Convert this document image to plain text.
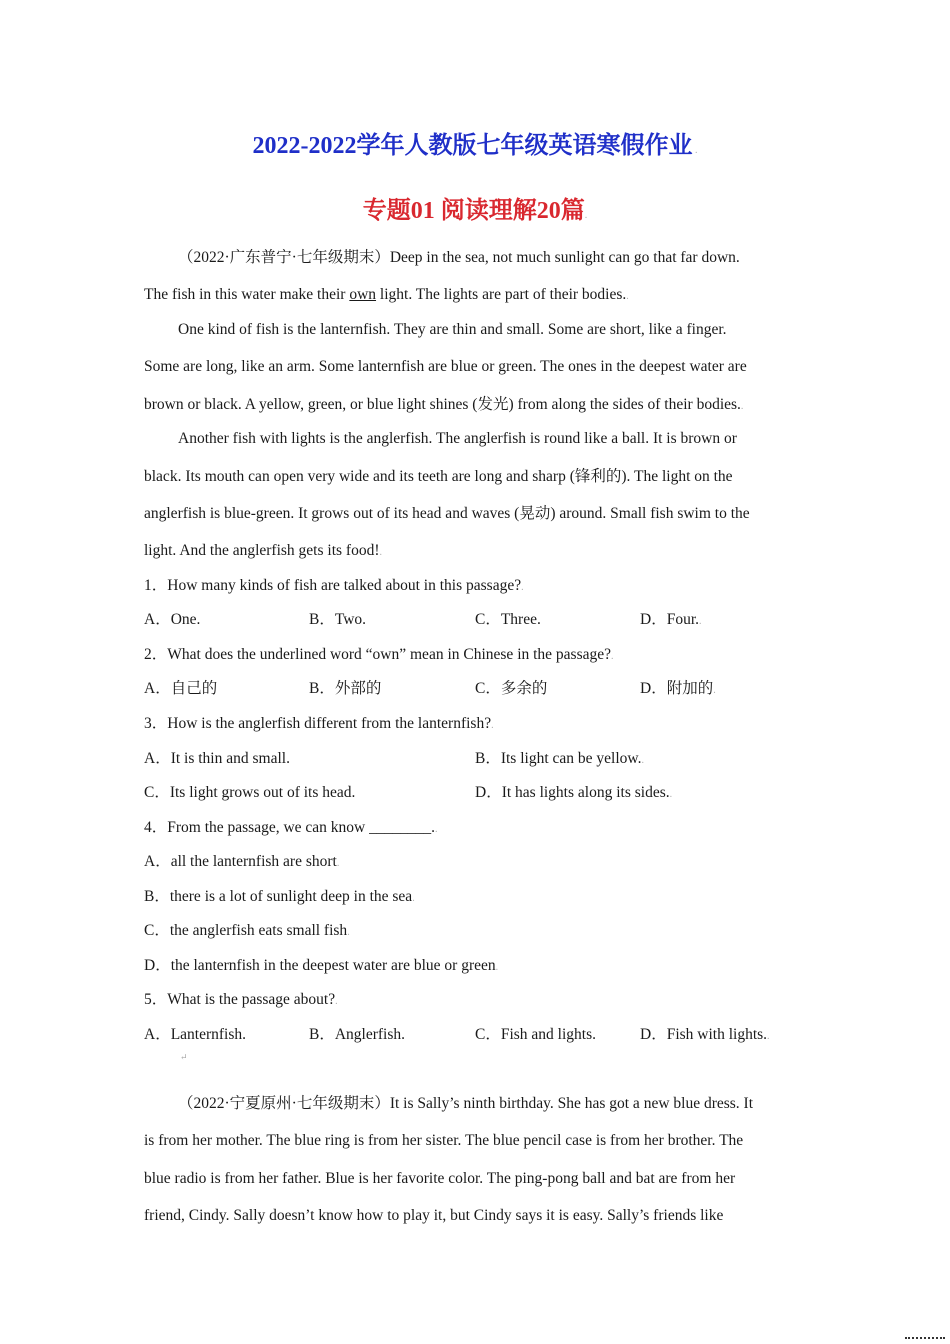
2022-2022学年人教版七年级英语寒假作业 .
专题01 阅读理解20篇.
（2022·广东普宁·七年级期末）Deep in the sea, not much sunlight can go that far down.
The fish in this water make their own light. The lights are part of their bodies..
One kind of fish is the lanternfish. They are thin and small. Some are short, like a finger.
Some are long, like an arm. Some lanternfish are blue or green. The ones in the deepest water are
brown or black. A yellow, green, or blue light shines (发光) from along the sides of their bodies..
Another fish with lights is the anglerfish. The anglerfish is round like a ball. It is brown or
black. Its mouth can open very wide and its teeth are long and sharp (锋利的). The light on the
anglerfish is blue-green. It grows out of its head and waves (晃动) around. Small fish swim to the
light. And the anglerfish gets its food!.
1．How many kinds of fish are talked about in this passage?.
A．One.	B．Two.	C．Three.	D．Four..
2．What does the underlined word “own” mean in Chinese in the passage?.
A．自己的	B．外部的	C．多余的	D．附加的.
3．How is the anglerfish different from the lanternfish?.
A．It is thin and small.	B．Its light can be yellow..
C．Its light grows out of its head.	D．It has lights along its sides..
4．From the passage, we can know ________..
A．all the lanternfish are short.
B．there is a lot of sunlight deep in the sea.
C．the anglerfish eats small fish.
D．the lanternfish in the deepest water are blue or green.
5．What is the passage about?.
A．Lanternfish.	B．Anglerfish.	C．Fish and lights.	D．Fish with lights..
↵
（2022·宁夏原州·七年级期末）It is Sally’s ninth birthday. She has got a new blue dress. It
is from her mother. The blue ring is from her sister. The blue pencil case is from her brother. The
blue radio is from her father. Blue is her favorite color. The ping-pong ball and bat are from her
friend, Cindy. Sally doesn’t know how to play it, but Cindy says it is easy. Sally’s friends like
